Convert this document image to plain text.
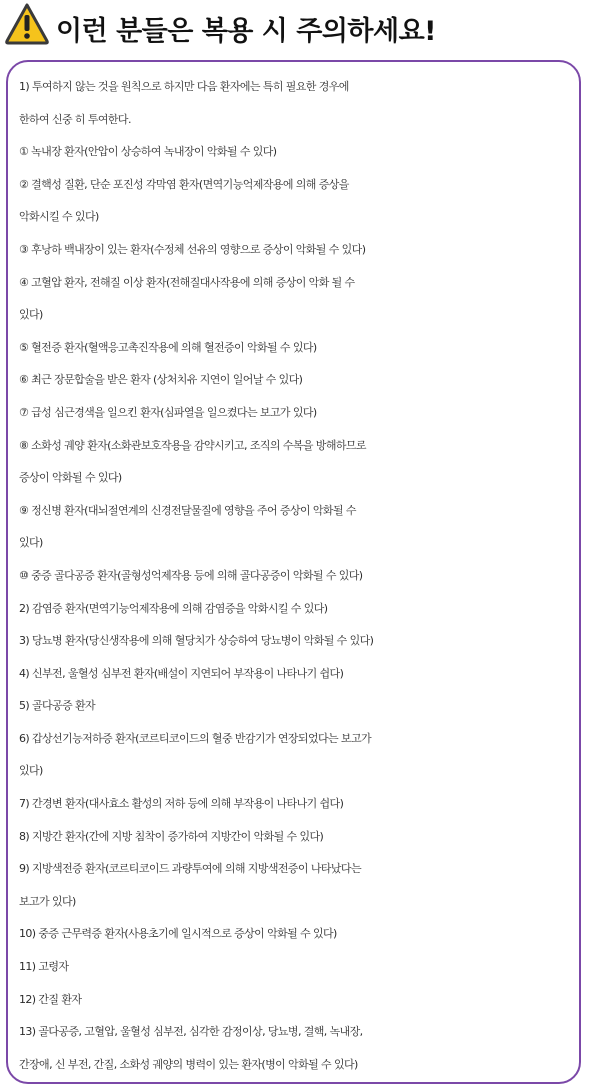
이런 분들은 복용 시 주의하세요!
1) 투여하지 않는 것을 원칙으로 하지만 다음 환자에는 특히 필요한 경우에
한하여 신중 히 투여한다.
① 녹내장 환자(안압이 상승하여 녹내장이 악화될 수 있다)
② 결핵성 질환, 단순 포진성 각막염 환자(면역기능억제작용에 의해 증상을
악화시킬 수 있다)
③ 후낭하 백내장이 있는 환자(수정체 선유의 영향으로 증상이 악화될 수 있다)
④ 고혈압 환자, 전해질 이상 환자(전해질대사작용에 의해 증상이 악화 될 수
있다)
⑤ 혈전증 환자(혈액응고촉진작용에 의해 혈전증이 악화될 수 있다)
⑥ 최근 장문합술을 받은 환자 (상처치유 지연이 일어날 수 있다)
⑦ 급성 심근경색을 일으킨 환자(심파열을 일으켰다는 보고가 있다)
⑧ 소화성 궤양 환자(소화관보호작용을 감약시키고, 조직의 수복을 방해하므로
증상이 악화될 수 있다)
⑨ 정신병 환자(대뇌절연계의 신경전달물질에 영향을 주어 증상이 악화될 수
있다)
⑩ 중증 골다공증 환자(골형성억제작용 등에 의해 골다공증이 악화될 수 있다)
2) 감염증 환자(면역기능억제작용에 의해 감염증을 악화시킬 수 있다)
3) 당뇨병 환자(당신생작용에 의해 혈당치가 상승하여 당뇨병이 악화될 수 있다)
4) 신부전, 울혈성 심부전 환자(배설이 지연되어 부작용이 나타나기 쉽다)
5) 골다공증 환자
6) 갑상선기능저하증 환자(코르티코이드의 혈중 반감기가 연장되었다는 보고가
있다)
7) 간경변 환자(대사효소 활성의 저하 등에 의해 부작용이 나타나기 쉽다)
8) 지방간 환자(간에 지방 침착이 증가하여 지방간이 악화될 수 있다)
9) 지방색전증 환자(코르티코이드 과량투여에 의해 지방색전증이 나타났다는
보고가 있다)
10) 중증 근무력증 환자(사용초기에 일시적으로 증상이 악화될 수 있다)
11) 고령자
12) 간질 환자
13) 골다공증, 고혈압, 울혈성 심부전, 심각한 감정이상, 당뇨병, 결핵, 녹내장,
간장애, 신 부전, 간질, 소화성 궤양의 병력이 있는 환자(병이 악화될 수 있다)
